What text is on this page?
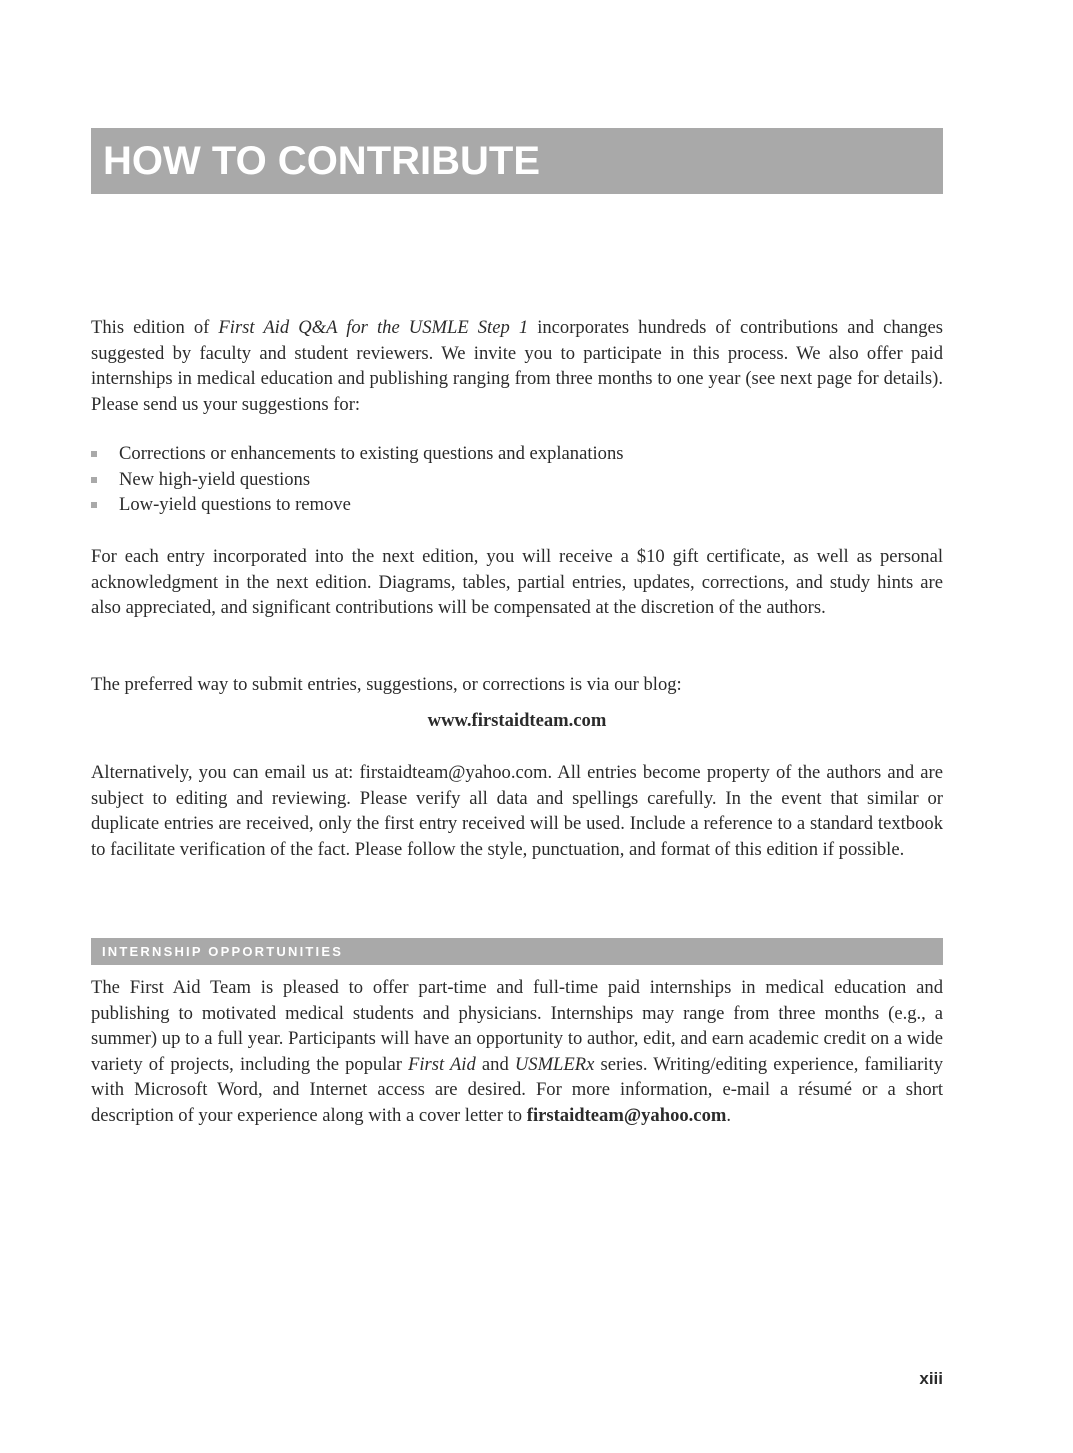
HOW TO CONTRIBUTE

This edition of First Aid Q&A for the USMLE Step 1 incorporates hundreds of contributions and changes suggested by faculty and student reviewers. We invite you to participate in this process. We also offer paid internships in medical education and publishing ranging from three months to one year (see next page for details). Please send us your suggestions for:

Corrections or enhancements to existing questions and explanations
New high-yield questions
Low-yield questions to remove

For each entry incorporated into the next edition, you will receive a $10 gift certificate, as well as personal acknowledgment in the next edition. Diagrams, tables, partial entries, updates, corrections, and study hints are also appreciated, and significant contributions will be compensated at the discretion of the authors.

The preferred way to submit entries, suggestions, or corrections is via our blog:

www.firstaidteam.com

Alternatively, you can email us at: firstaidteam@yahoo.com. All entries become property of the authors and are subject to editing and reviewing. Please verify all data and spellings carefully. In the event that similar or duplicate entries are received, only the first entry received will be used. Include a reference to a standard textbook to facilitate verification of the fact. Please follow the style, punctuation, and format of this edition if possible.

INTERNSHIP OPPORTUNITIES

The First Aid Team is pleased to offer part-time and full-time paid internships in medical education and publishing to motivated medical students and physicians. Internships may range from three months (e.g., a summer) up to a full year. Participants will have an opportunity to author, edit, and earn academic credit on a wide variety of projects, including the popular First Aid and USMLERx series. Writing/editing experience, familiarity with Microsoft Word, and Internet access are desired. For more information, e-mail a résumé or a short description of your experience along with a cover letter to firstaidteam@yahoo.com.

xiii
